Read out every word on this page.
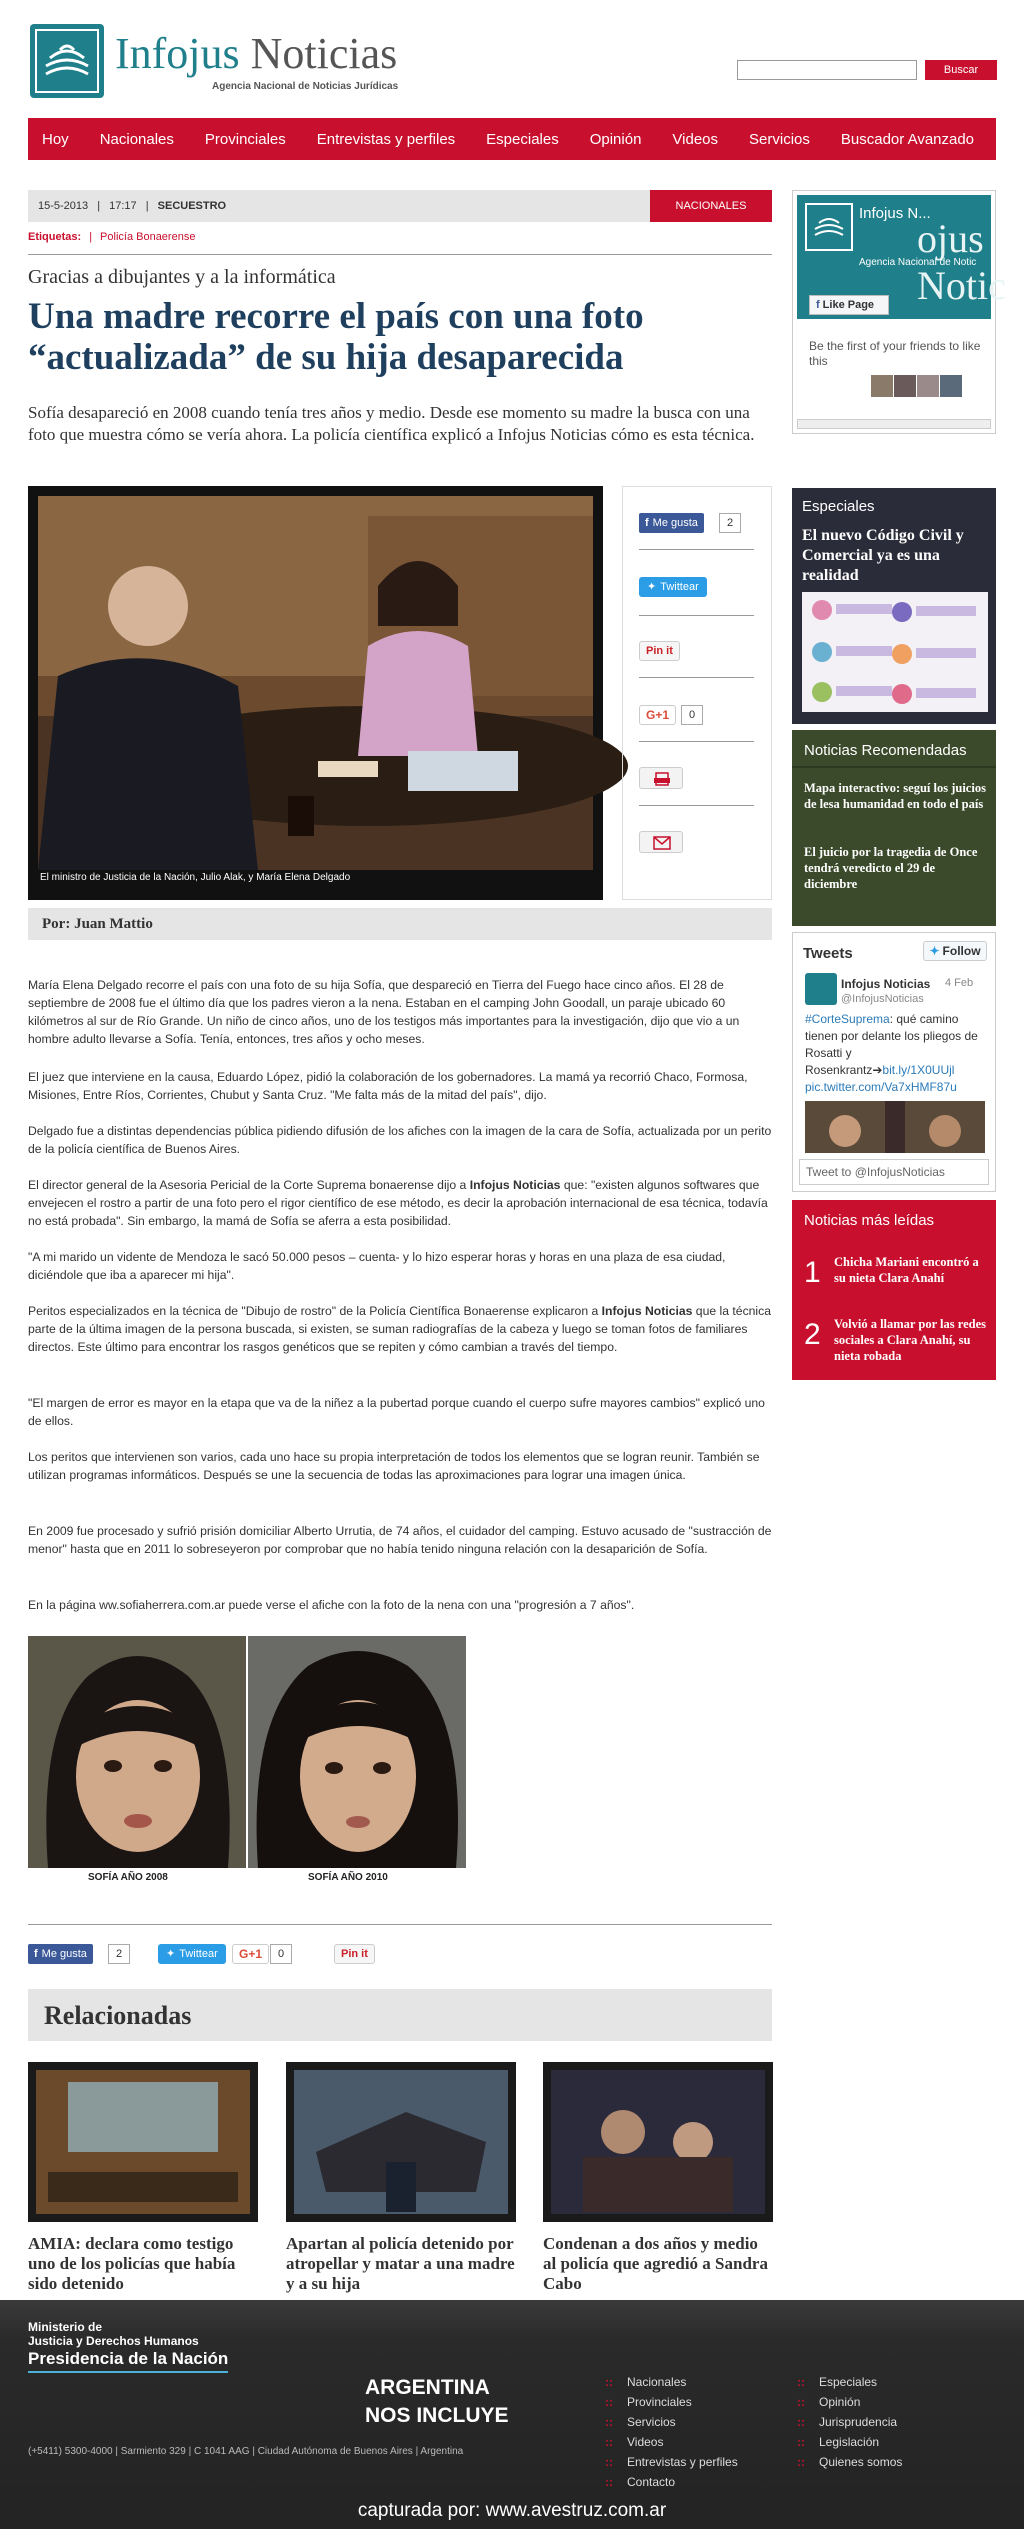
Infojus Noticias
Agencia Nacional de Noticias Jurídicas
Buscar
Hoy Nacionales Provinciales Entrevistas y perfiles Especiales Opinión Videos Servicios Buscador Avanzado
15-5-2013 | 17:17 | SECUESTRO	NACIONALES
Etiquetas: | Policía Bonaerense
Gracias a dibujantes y a la informática
Una madre recorre el país con una foto “actualizada” de su hija desaparecida
Sofía desapareció en 2008 cuando tenía tres años y medio. Desde ese momento su madre la busca con una foto que muestra cómo se vería ahora. La policía científica explicó a Infojus Noticias cómo es esta técnica.
El ministro de Justicia de la Nación, Julio Alak, y María Elena Delgado
f Me gusta	2
✦ Twittear
Pin it
G+1	0
Por: Juan Mattio
María Elena Delgado recorre el país con una foto de su hija Sofía, que despareció en Tierra del Fuego hace cinco años. El 28 de septiembre de 2008 fue el último día que los padres vieron a la nena. Estaban en el camping John Goodall, un paraje ubicado 60 kilómetros al sur de Río Grande. Un niño de cinco años, uno de los testigos más importantes para la investigación, dijo que vio a un hombre adulto llevarse a Sofía. Tenía, entonces, tres años y ocho meses.
El juez que interviene en la causa, Eduardo López, pidió la colaboración de los gobernadores. La mamá ya recorrió Chaco, Formosa, Misiones, Entre Ríos, Corrientes, Chubut y Santa Cruz. "Me falta más de la mitad del país", dijo.
Delgado fue a distintas dependencias pública pidiendo difusión de los afiches con la imagen de la cara de Sofía, actualizada por un perito de la policía científica de Buenos Aires.
El director general de la Asesoria Pericial de la Corte Suprema bonaerense dijo a Infojus Noticias que: "existen algunos softwares que envejecen el rostro a partir de una foto pero el rigor científico de ese método, es decir la aprobación internacional de esa técnica, todavía no está probada". Sin embargo, la mamá de Sofía se aferra a esta posibilidad.
"A mi marido un vidente de Mendoza le sacó 50.000 pesos – cuenta- y lo hizo esperar horas y horas en una plaza de esa ciudad, diciéndole que iba a aparecer mi hija".
Peritos especializados en la técnica de "Dibujo de rostro" de la Policía Científica Bonaerense explicaron a Infojus Noticias que la técnica parte de la última imagen de la persona buscada, si existen, se suman radiografías de la cabeza y luego se toman fotos de familiares directos. Este último para encontrar los rasgos genéticos que se repiten y cómo cambian a través del tiempo.
"El margen de error es mayor en la etapa que va de la niñez a la pubertad porque cuando el cuerpo sufre mayores cambios" explicó uno de ellos.
Los peritos que intervienen son varios, cada uno hace su propia interpretación de todos los elementos que se logran reunir. También se utilizan programas informáticos. Después se une la secuencia de todas las aproximaciones para lograr una imagen única.
En 2009 fue procesado y sufrió prisión domiciliar Alberto Urrutia, de 74 años, el cuidador del camping. Estuvo acusado de "sustracción de menor" hasta que en 2011 lo sobreseyeron por comprobar que no había tenido ninguna relación con la desaparición de Sofía.
En la página ww.sofiaherrera.com.ar puede verse el afiche con la foto de la nena con una "progresión a 7 años".
SOFÍA AÑO 2008	SOFÍA AÑO 2010
f Me gusta	2	✦ Twittear	G+1	0	Pin it
Relacionadas
AMIA: declara como testigo uno de los policías que había sido detenido
Apartan al policía detenido por atropellar y matar a una madre y a su hija
Condenan a dos años y medio al policía que agredió a Sandra Cabo
ojus Notic
Infojus N...
Agencia Nacional de Notic
f Like Page
Be the first of your friends to like this
Especiales
El nuevo Código Civil y Comercial ya es una realidad
Noticias Recomendadas
Mapa interactivo: seguí los juicios de lesa humanidad en todo el país
El juicio por la tragedia de Once tendrá veredicto el 29 de diciembre
Tweets	✦ Follow
Infojus Noticias
@InfojusNoticias
4 Feb
#CorteSuprema: qué camino tienen por delante los pliegos de Rosatti y Rosenkrantz➔bit.ly/1X0UUjl pic.twitter.com/Va7xHMF87u
Tweet to @InfojusNoticias
Noticias más leídas
1 Chicha Mariani encontró a su nieta Clara Anahí
2 Volvió a llamar por las redes sociales a Clara Anahí, su nieta robada
Ministerio de
Justicia y Derechos Humanos
Presidencia de la Nación
(+5411) 5300-4000 | Sarmiento 329 | C 1041 AAG | Ciudad Autónoma de Buenos Aires | Argentina
ARGENTINA
NOS INCLUYE
:: Nacionales
:: Provinciales
:: Servicios
:: Videos
:: Entrevistas y perfiles
:: Contacto
:: Especiales
:: Opinión
:: Jurisprudencia
:: Legislación
:: Quienes somos
capturada por: www.avestruz.com.ar
